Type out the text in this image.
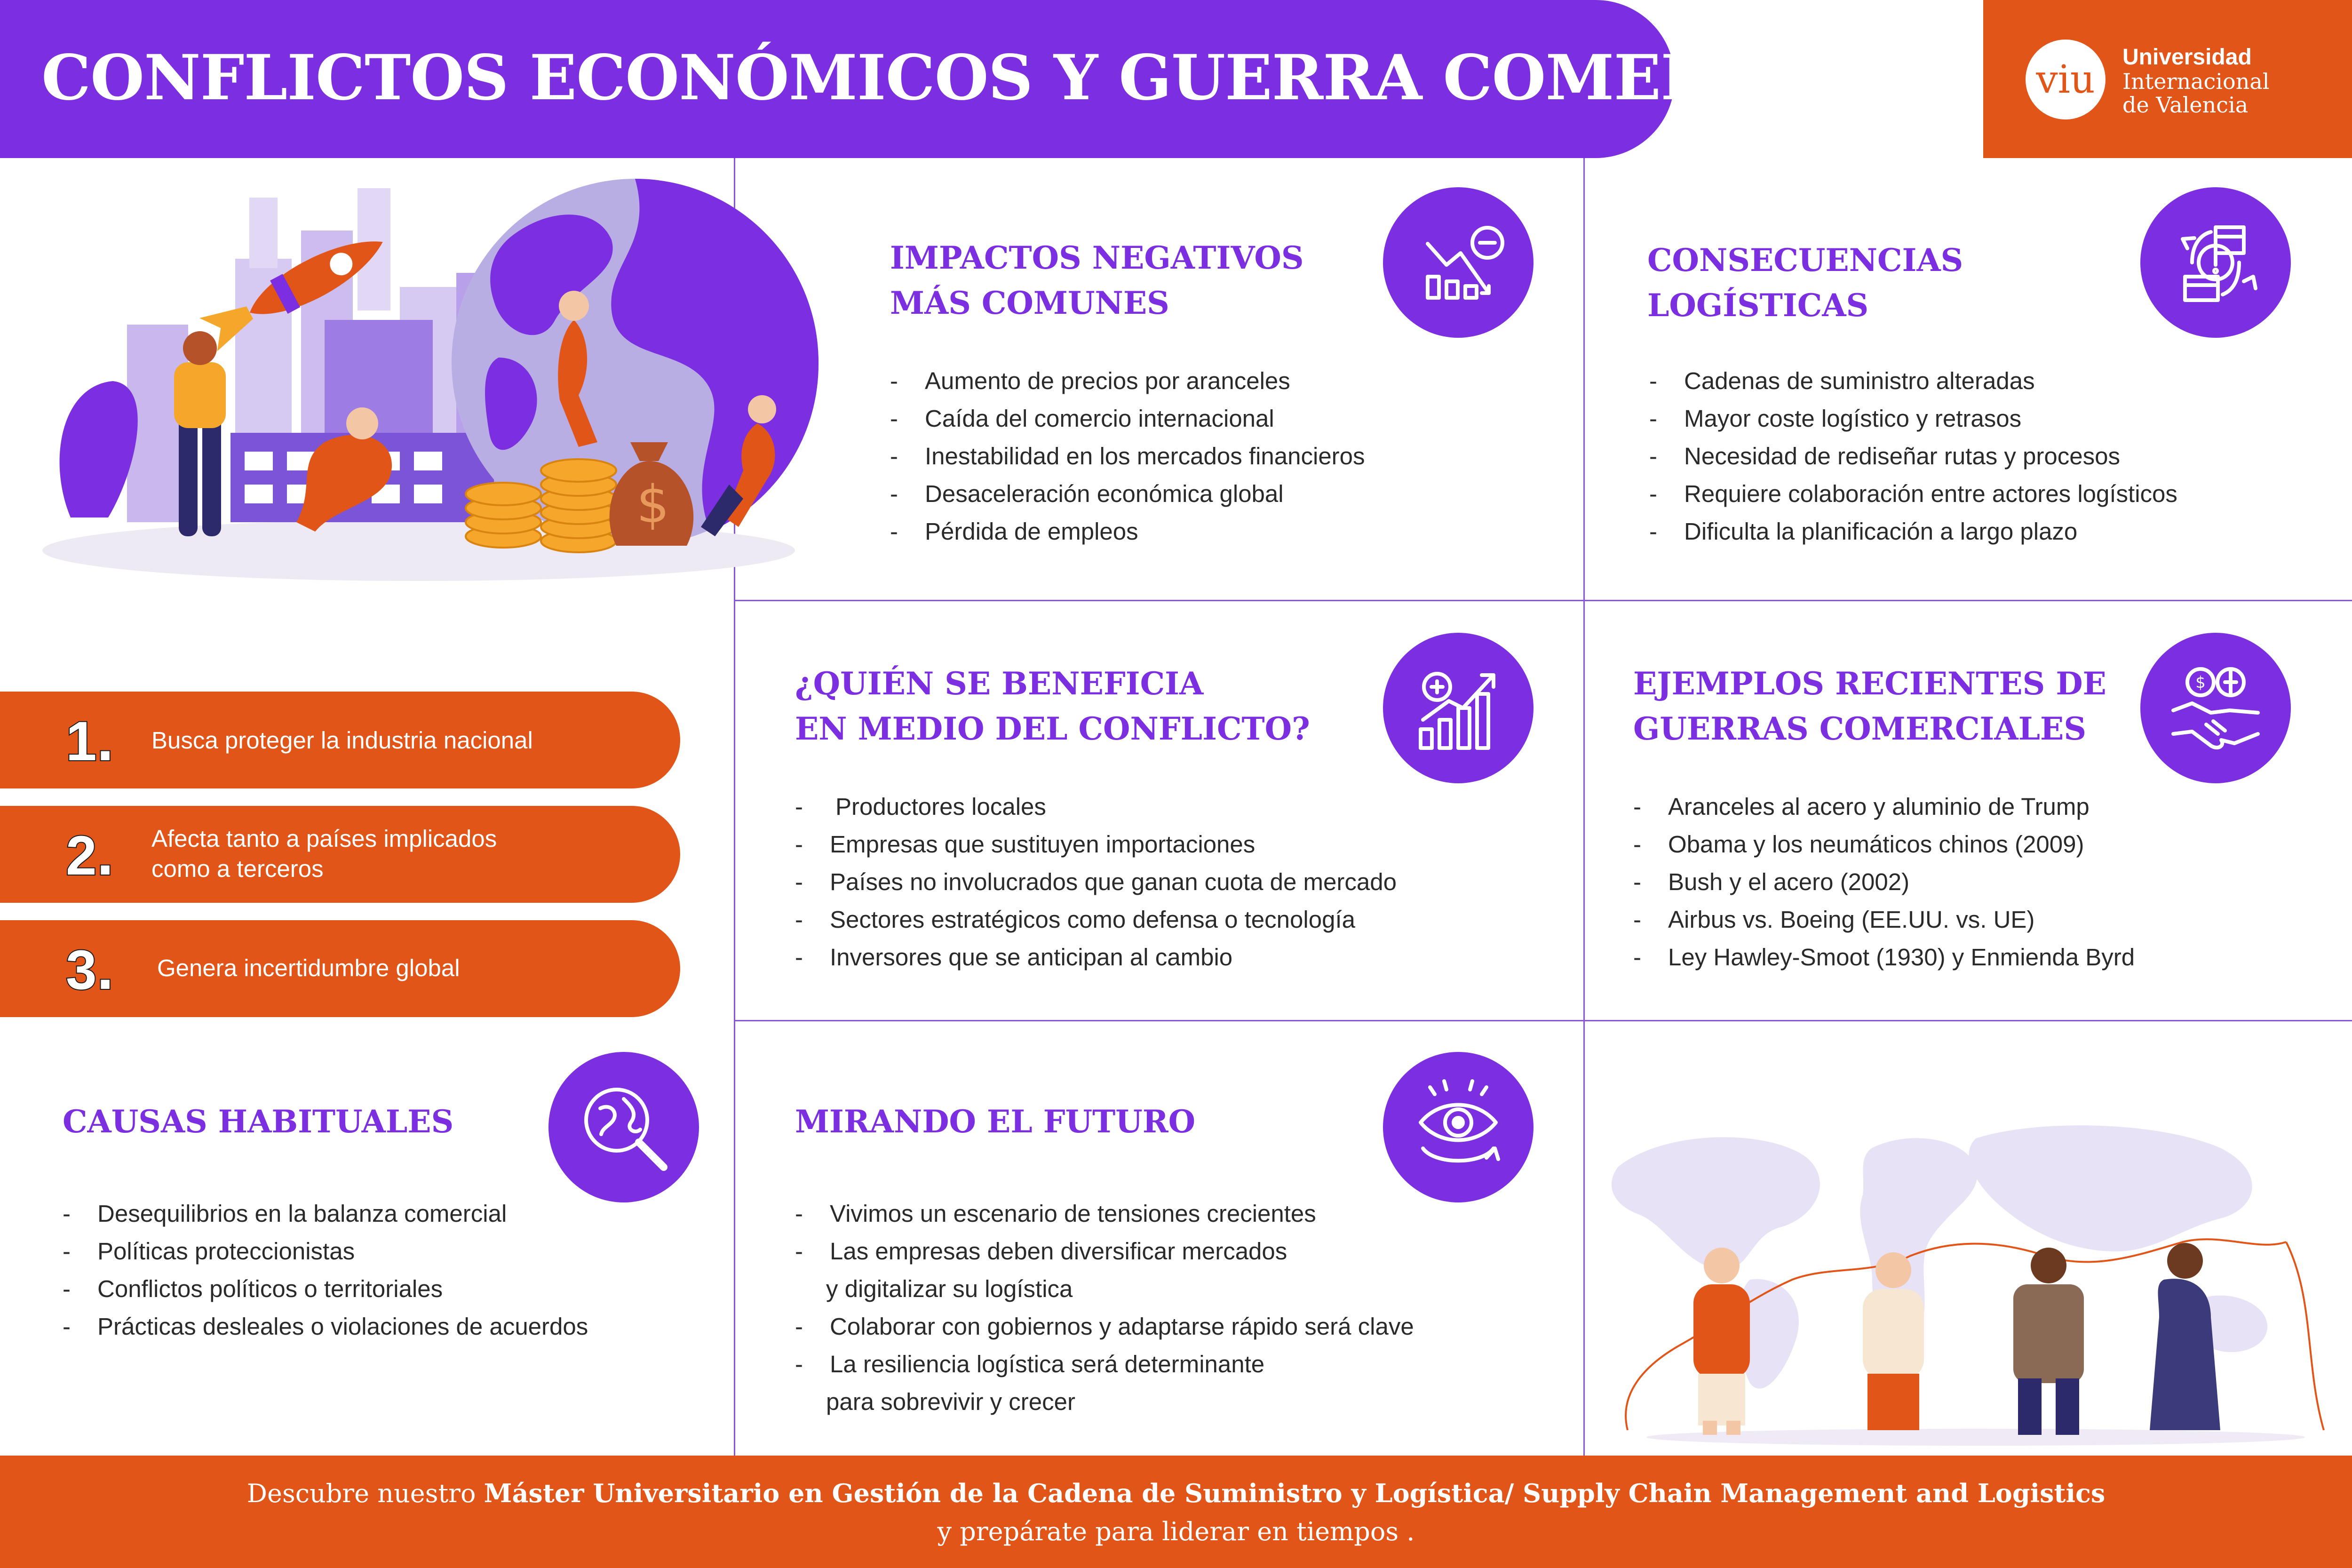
CONFLICTOS ECONÓMICOS Y GUERRA COMERCIAL	viu	Universidad
Internacional
de Valencia
$
IMPACTOS NEGATIVOS
MÁS COMUNES
- Aumento de precios por aranceles
- Caída del comercio internacional
- Inestabilidad en los mercados financieros
- Desaceleración económica global
- Pérdida de empleos
CONSECUENCIAS
LOGÍSTICAS
- Cadenas de suministro alteradas
- Mayor coste logístico y retrasos
- Necesidad de rediseñar rutas y procesos
- Requiere colaboración entre actores logísticos
- Dificulta la planificación a largo plazo
¿QUIÉN SE BENEFICIA
EN MEDIO DEL CONFLICTO?
- Productores locales
- Empresas que sustituyen importaciones
- Países no involucrados que ganan cuota de mercado
- Sectores estratégicos como defensa o tecnología
- Inversores que se anticipan al cambio
EJEMPLOS RECIENTES DE
GUERRAS COMERCIALES
$
- Aranceles al acero y aluminio de Trump
- Obama y los neumáticos chinos (2009)
- Bush y el acero (2002)
- Airbus vs. Boeing (EE.UU. vs. UE)
- Ley Hawley-Smoot (1930) y Enmienda Byrd
1. Busca proteger la industria nacional
2. Afecta tanto a países implicados
como a terceros
3. Genera incertidumbre global
CAUSAS HABITUALES
- Desequilibrios en la balanza comercial
- Políticas proteccionistas
- Conflictos políticos o territoriales
- Prácticas desleales o violaciones de acuerdos
MIRANDO EL FUTURO
- Vivimos un escenario de tensiones crecientes
- Las empresas deben diversificar mercados
y digitalizar su logística
- Colaborar con gobiernos y adaptarse rápido será clave
- La resiliencia logística será determinante
para sobrevivir y crecer
Descubre nuestro Máster Universitario en Gestión de la Cadena de Suministro y Logística/ Supply Chain Management and Logistics
y prepárate para liderar en tiempos .
